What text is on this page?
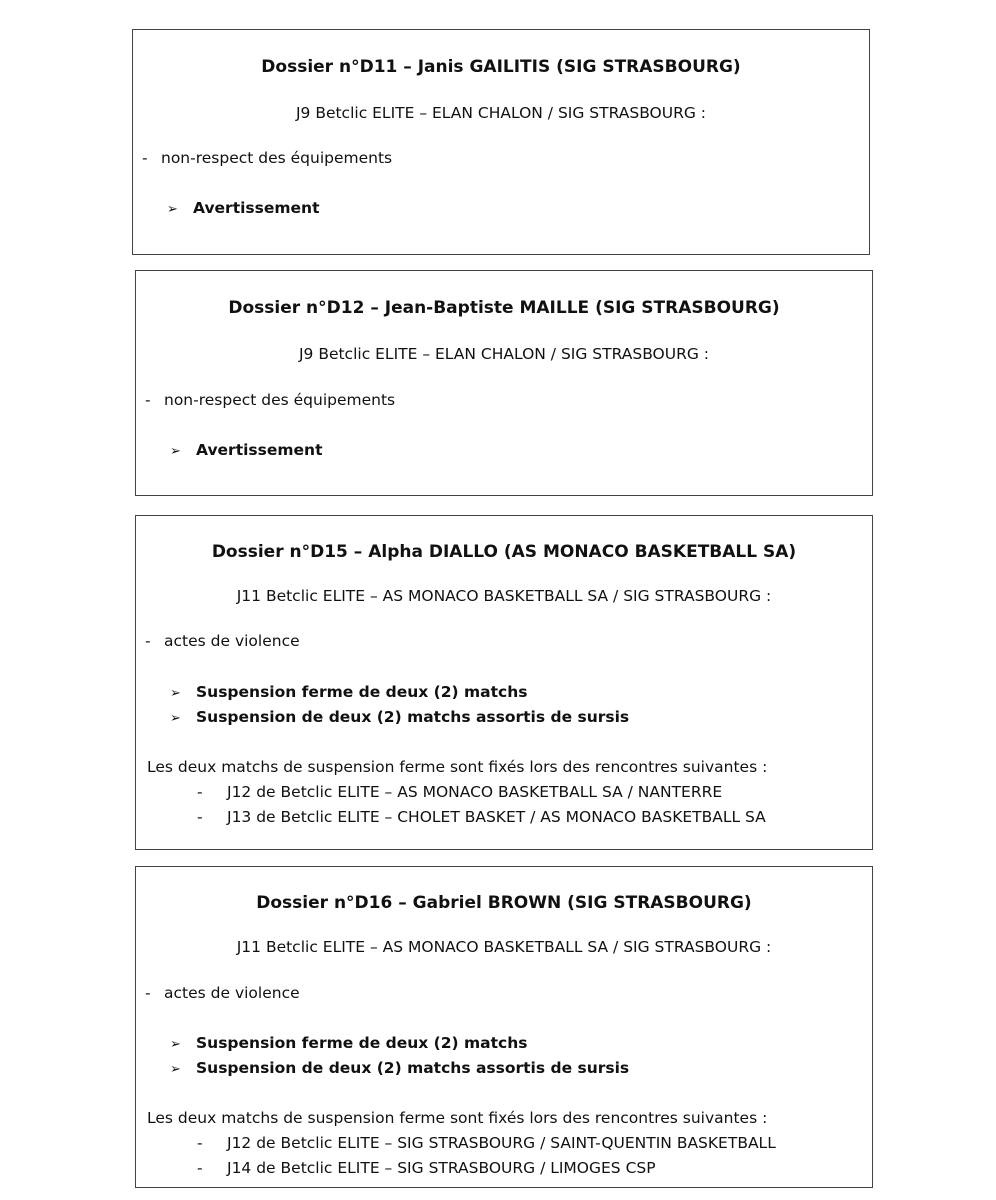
Dossier n°D11 – Janis GAILITIS (SIG STRASBOURG)
J9 Betclic ELITE – ELAN CHALON / SIG STRASBOURG :
- non-respect des équipements
➢ Avertissement
Dossier n°D12 – Jean-Baptiste MAILLE (SIG STRASBOURG)
J9 Betclic ELITE – ELAN CHALON / SIG STRASBOURG :
- non-respect des équipements
➢ Avertissement
Dossier n°D15 – Alpha DIALLO (AS MONACO BASKETBALL SA)
J11 Betclic ELITE – AS MONACO BASKETBALL SA / SIG STRASBOURG :
- actes de violence
➢ Suspension ferme de deux (2) matchs
➢ Suspension de deux (2) matchs assortis de sursis
Les deux matchs de suspension ferme sont fixés lors des rencontres suivantes :
- J12 de Betclic ELITE – AS MONACO BASKETBALL SA / NANTERRE
- J13 de Betclic ELITE – CHOLET BASKET / AS MONACO BASKETBALL SA
Dossier n°D16 – Gabriel BROWN (SIG STRASBOURG)
J11 Betclic ELITE – AS MONACO BASKETBALL SA / SIG STRASBOURG :
- actes de violence
➢ Suspension ferme de deux (2) matchs
➢ Suspension de deux (2) matchs assortis de sursis
Les deux matchs de suspension ferme sont fixés lors des rencontres suivantes :
- J12 de Betclic ELITE – SIG STRASBOURG / SAINT-QUENTIN BASKETBALL
- J14 de Betclic ELITE – SIG STRASBOURG / LIMOGES CSP
